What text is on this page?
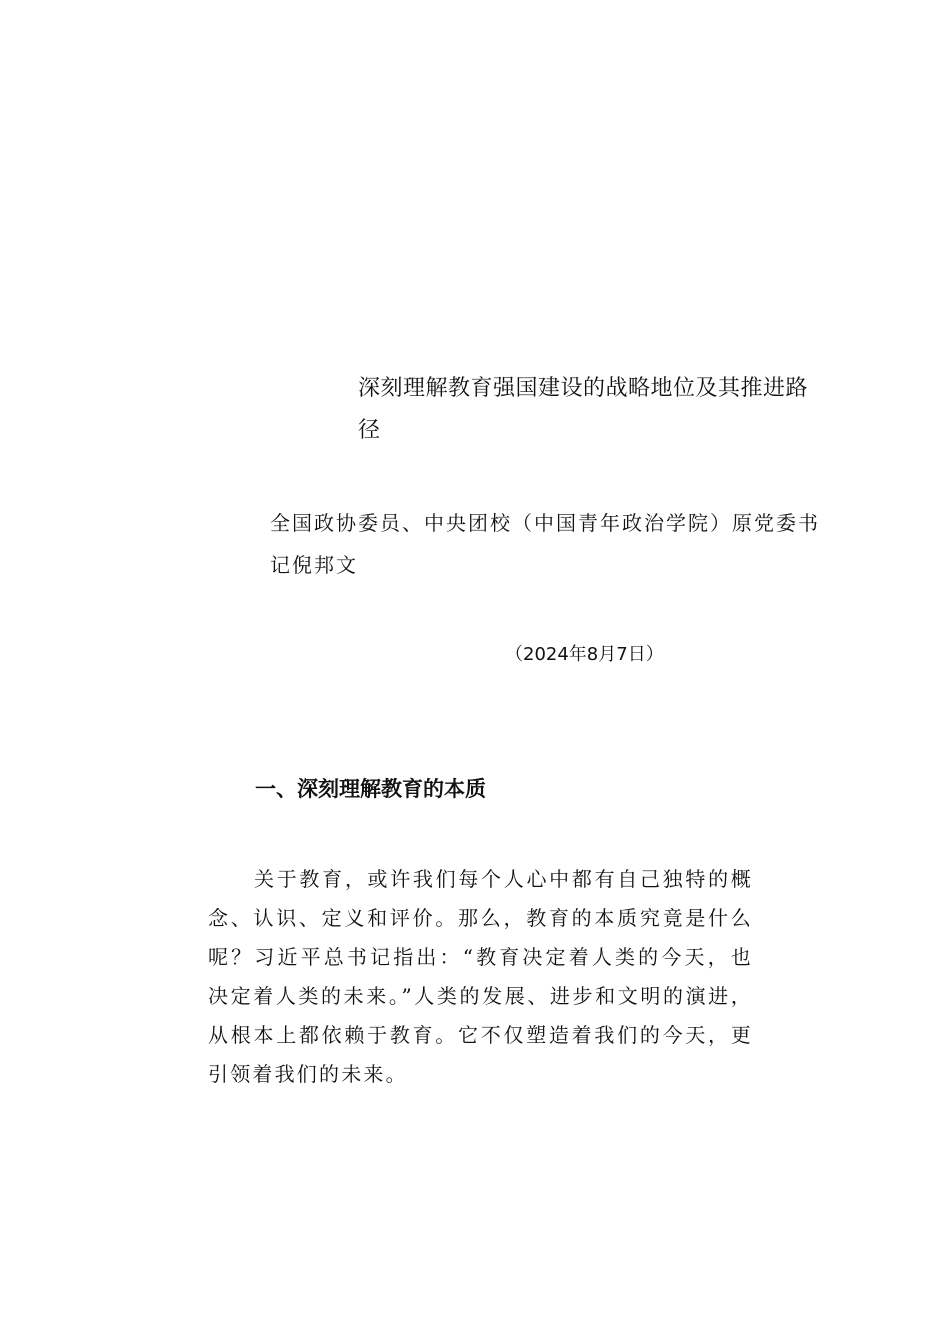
深刻理解教育强国建设的战略地位及其推进路径

全国政协委员、中央团校（中国青年政治学院）原党委书记倪邦文

（2024年8月7日）

一、深刻理解教育的本质

关于教育，或许我们每个人心中都有自己独特的概念、认识、定义和评价。那么，教育的本质究竟是什么呢？习近平总书记指出：“教育决定着人类的今天，也决定着人类的未来。”人类的发展、进步和文明的演进，从根本上都依赖于教育。它不仅塑造着我们的今天，更引领着我们的未来。
